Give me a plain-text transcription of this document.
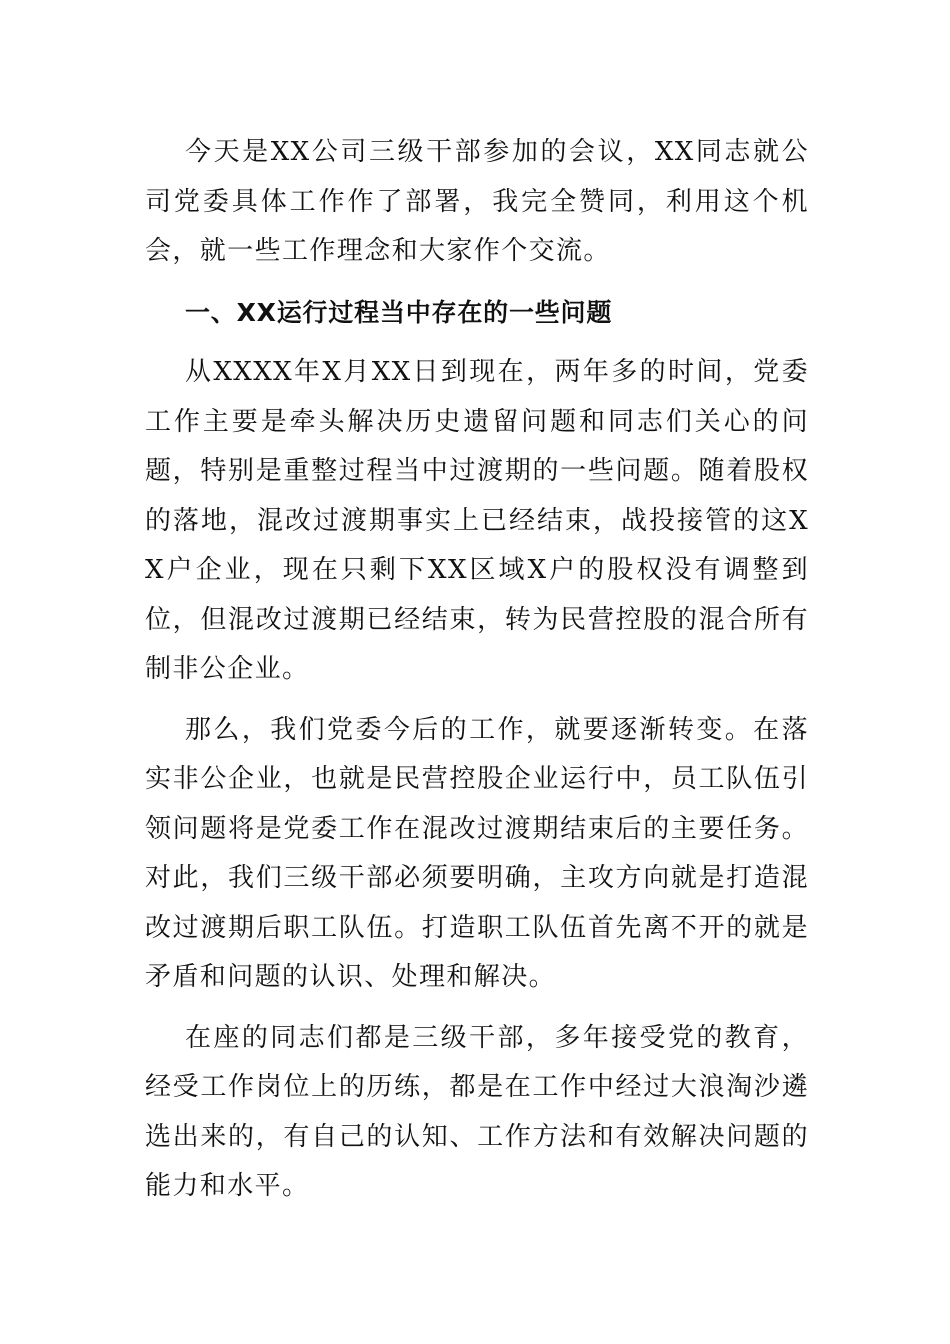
今天是XX公司三级干部参加的会议，XX同志就公司党委具体工作作了部署，我完全赞同，利用这个机会，就一些工作理念和大家作个交流。

一、XX运行过程当中存在的一些问题

从XXXX年X月XX日到现在，两年多的时间，党委工作主要是牵头解决历史遗留问题和同志们关心的问题，特别是重整过程当中过渡期的一些问题。随着股权的落地，混改过渡期事实上已经结束，战投接管的这XX户企业，现在只剩下XX区域X户的股权没有调整到位，但混改过渡期已经结束，转为民营控股的混合所有制非公企业。

那么，我们党委今后的工作，就要逐渐转变。在落实非公企业，也就是民营控股企业运行中，员工队伍引领问题将是党委工作在混改过渡期结束后的主要任务。对此，我们三级干部必须要明确，主攻方向就是打造混改过渡期后职工队伍。打造职工队伍首先离不开的就是矛盾和问题的认识、处理和解决。

在座的同志们都是三级干部，多年接受党的教育，经受工作岗位上的历练，都是在工作中经过大浪淘沙遴选出来的，有自己的认知、工作方法和有效解决问题的能力和水平。
